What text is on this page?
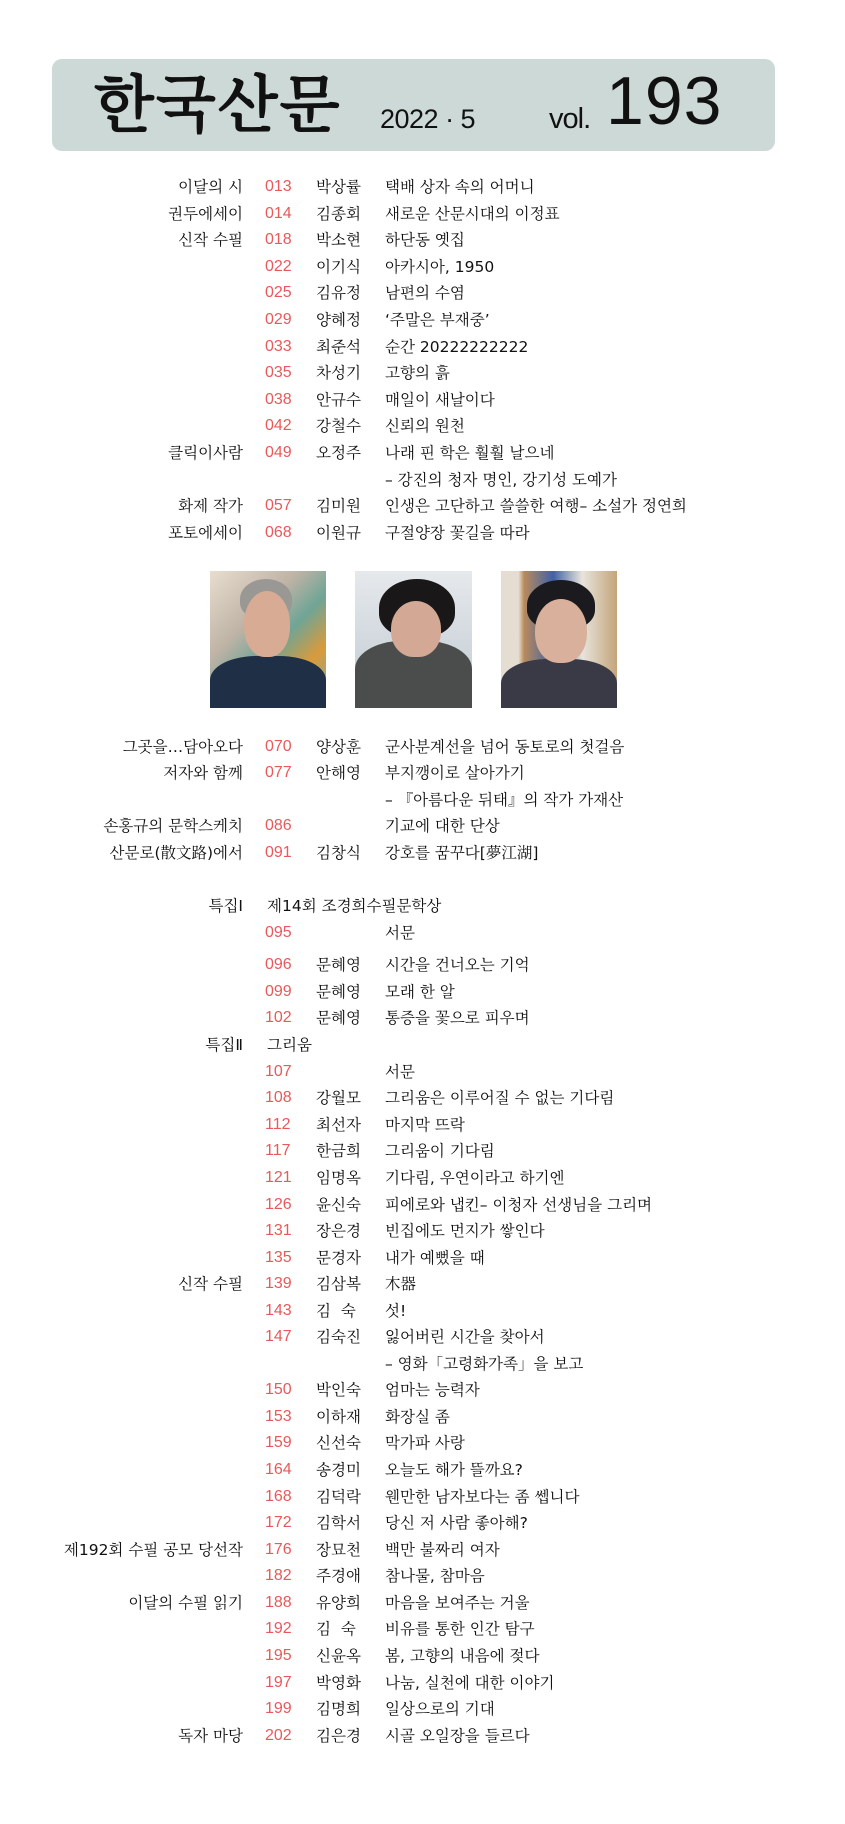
한국산문 2022 · 5	vol. 193
이달의 시 013 박상률 택배 상자 속의 어머니
권두에세이 014 김종회 새로운 산문시대의 이정표
신작 수필 018 박소현 하단동 옛집
022 이기식 아카시아, 1950
025 김유정 남편의 수염
029 양혜정 ‘주말은 부재중’
033 최준석 순간 20222222222
035 차성기 고향의 흙
038 안규수 매일이 새날이다
042 강철수 신뢰의 원천
클릭이사람 049 오정주 나래 핀 학은 훨훨 날으네
– 강진의 청자 명인, 강기성 도예가
화제 작가 057 김미원 인생은 고단하고 쓸쓸한 여행– 소설가 정연희
포토에세이 068 이원규 구절양장 꽃길을 따라
그곳을…담아오다 070 양상훈 군사분계선을 넘어 동토로의 첫걸음
저자와 함께 077 안해영 부지깽이로 살아가기
– 『아름다운 뒤태』의 작가 가재산
손홍규의 문학스케치 086	기교에 대한 단상
산문로(散文路)에서 091 김창식 강호를 꿈꾸다[夢江湖]
특집Ⅰ 제14회 조경희수필문학상
095	서문
096 문혜영 시간을 건너오는 기억
099 문혜영 모래 한 알
102 문혜영 통증을 꽃으로 피우며
특집Ⅱ 그리움
107	서문
108 강월모 그리움은 이루어질 수 없는 기다림
112 최선자 마지막 뜨락
117 한금희 그리움이 기다림
121 임명옥 기다림, 우연이라고 하기엔
126 윤신숙 피에로와 냅킨– 이청자 선생님을 그리며
131 장은경 빈집에도 먼지가 쌓인다
135 문경자 내가 예뻤을 때
신작 수필 139 김삼복 木器
143 김  숙 섯!
147 김숙진 잃어버린 시간을 찾아서
– 영화「고령화가족」을 보고
150 박인숙 엄마는 능력자
153 이하재 화장실 좀
159 신선숙 막가파 사랑
164 송경미 오늘도 해가 뜰까요?
168 김덕락 웬만한 남자보다는 좀 쎕니다
172 김학서 당신 저 사람 좋아해?
제192회 수필 공모 당선작 176 장묘천 백만 불짜리 여자
182 주경애 참나물, 참마음
이달의 수필 읽기 188 유양희 마음을 보여주는 거울
192 김  숙 비유를 통한 인간 탐구
195 신윤옥 봄, 고향의 내음에 젖다
197 박영화 나눔, 실천에 대한 이야기
199 김명희 일상으로의 기대
독자 마당 202 김은경 시골 오일장을 들르다
